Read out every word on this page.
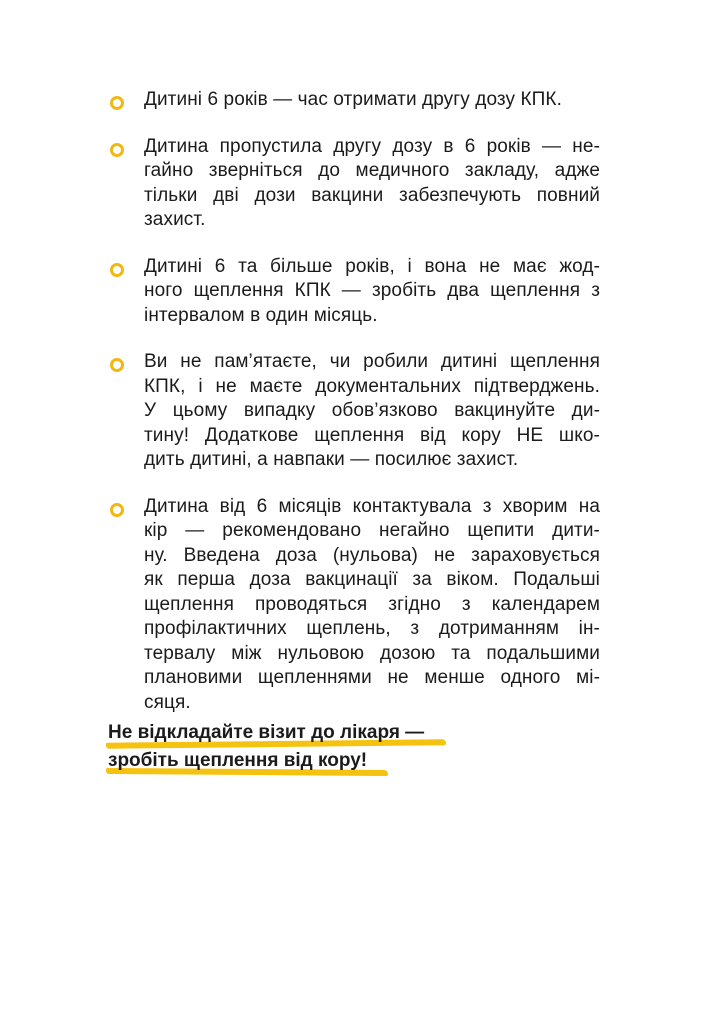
Дитині 6 років — час отримати другу дозу КПК.
Дитина пропустила другу дозу в 6 років — не-
гайно зверніться до медичного закладу, адже
тільки дві дози вакцини забезпечують повний
захист.
Дитині 6 та більше років, і вона не має жод-
ного щеплення КПК — зробіть два щеплення з
інтервалом в один місяць.
Ви не пам’ятаєте, чи робили дитині щеплення
КПК, і не маєте документальних підтверджень.
У цьому випадку обов’язково вакцинуйте ди-
тину! Додаткове щеплення від кору НЕ шко-
дить дитині, а навпаки — посилює захист.
Дитина від 6 місяців контактувала з хворим на
кір — рекомендовано негайно щепити дити-
ну. Введена доза (нульова) не зараховується
як перша доза вакцинації за віком. Подальші
щеплення проводяться згідно з календарем
профілактичних щеплень, з дотриманням ін-
тервалу між нульовою дозою та подальшими
плановими щепленнями не менше одного мі-
сяця.
Не відкладайте візит до лікаря —
зробіть щеплення від кору!
